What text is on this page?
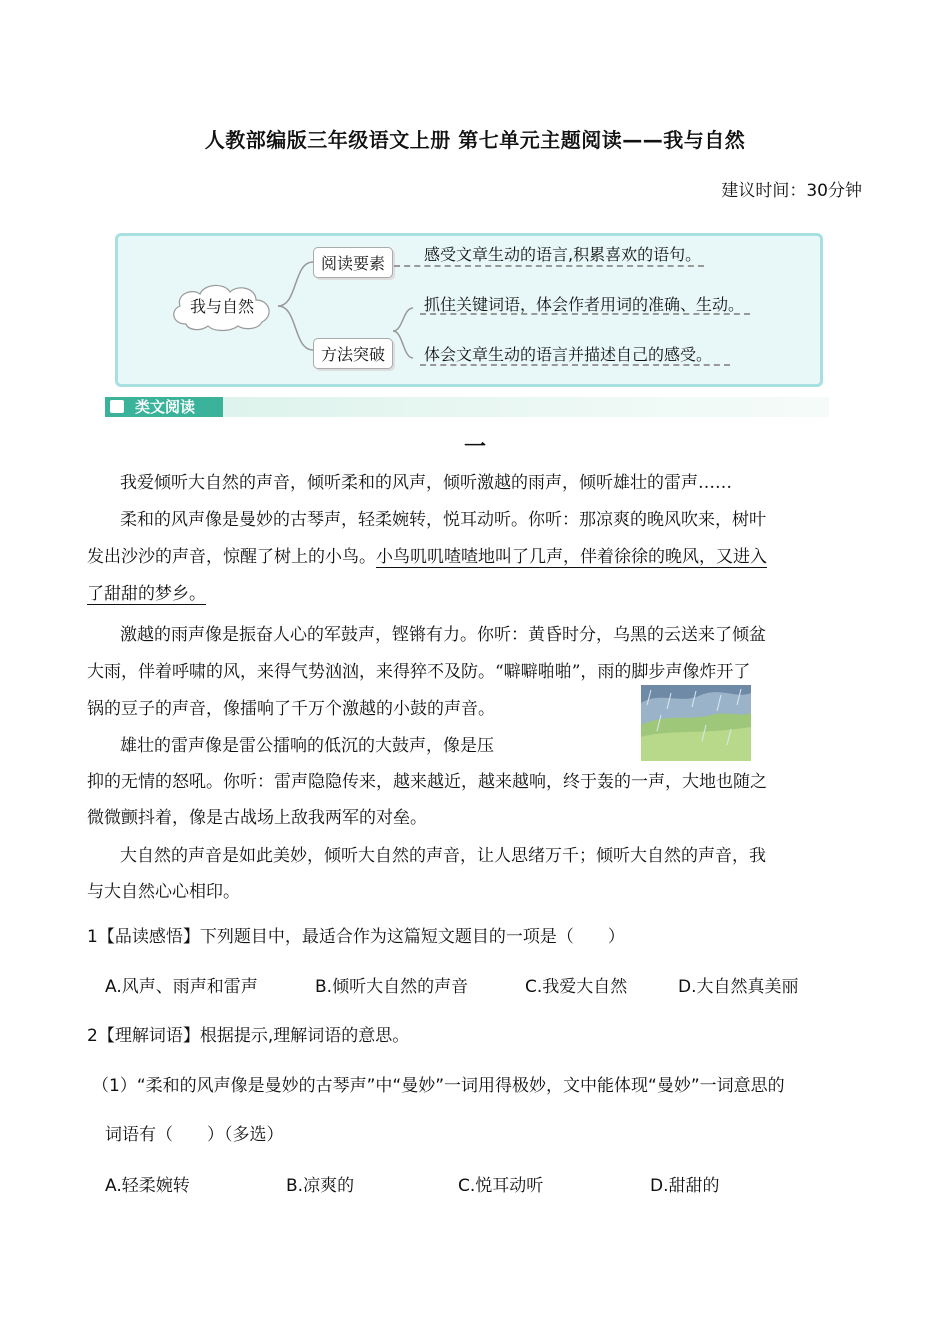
人教部编版三年级语文上册 第七单元主题阅读——我与自然
建议时间：30分钟
我与自然
阅读要素	感受文章生动的语言,积累喜欢的语句。
方法突破
抓住关键词语，体会作者用词的准确、生动。
体会文章生动的语言并描述自己的感受。
类文阅读
一
我爱倾听大自然的声音，倾听柔和的风声，倾听激越的雨声，倾听雄壮的雷声……
柔和的风声像是曼妙的古琴声，轻柔婉转，悦耳动听。你听：那凉爽的晚风吹来，树叶
发出沙沙的声音，惊醒了树上的小鸟。小鸟叽叽喳喳地叫了几声，伴着徐徐的晚风，又进入
了甜甜的梦乡。
激越的雨声像是振奋人心的军鼓声，铿锵有力。你听：黄昏时分，乌黑的云送来了倾盆
大雨，伴着呼啸的风，来得气势汹汹，来得猝不及防。“噼噼啪啪”，雨的脚步声像炸开了
锅的豆子的声音，像擂响了千万个激越的小鼓的声音。
雄壮的雷声像是雷公擂响的低沉的大鼓声，像是压
抑的无情的怒吼。你听：雷声隐隐传来，越来越近，越来越响，终于轰的一声，大地也随之
微微颤抖着，像是古战场上敌我两军的对垒。
大自然的声音是如此美妙，倾听大自然的声音，让人思绪万千；倾听大自然的声音，我
与大自然心心相印。
1【品读感悟】下列题目中，最适合作为这篇短文题目的一项是（　　）
A.风声、雨声和雷声	B.倾听大自然的声音	C.我爱大自然	D.大自然真美丽
2【理解词语】根据提示,理解词语的意思。
（1）“柔和的风声像是曼妙的古琴声”中“曼妙”一词用得极妙，文中能体现“曼妙”一词意思的
词语有（　　）（多选）
A.轻柔婉转	B.凉爽的	C.悦耳动听	D.甜甜的
